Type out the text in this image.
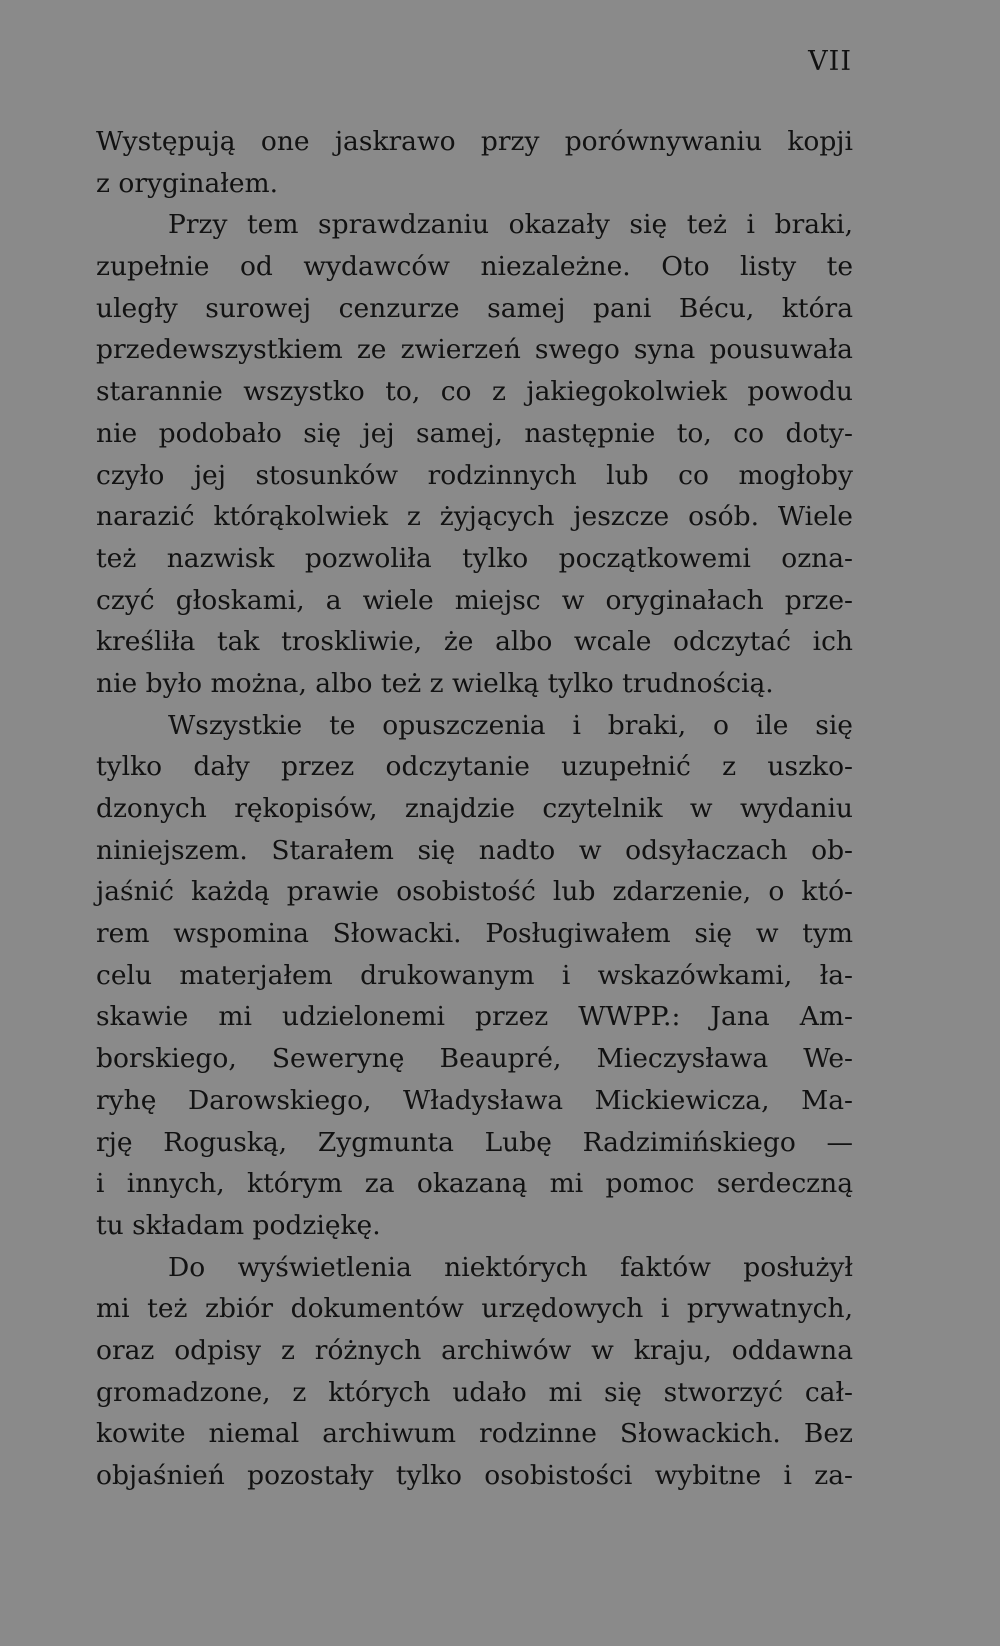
VII
Występują one jaskrawo przy porównywaniu kopji
z oryginałem.
Przy tem sprawdzaniu okazały się też i braki,
zupełnie od wydawców niezależne. Oto listy te
uległy surowej cenzurze samej pani Bécu, która
przedewszystkiem ze zwierzeń swego syna pousuwała
starannie wszystko to, co z jakiegokolwiek powodu
nie podobało się jej samej, następnie to, co doty-
czyło jej stosunków rodzinnych lub co mogłoby
narazić którąkolwiek z żyjących jeszcze osób. Wiele
też nazwisk pozwoliła tylko początkowemi ozna-
czyć głoskami, a wiele miejsc w oryginałach prze-
kreśliła tak troskliwie, że albo wcale odczytać ich
nie było można, albo też z wielką tylko trudnością.
Wszystkie te opuszczenia i braki, o ile się
tylko dały przez odczytanie uzupełnić z uszko-
dzonych rękopisów, znajdzie czytelnik w wydaniu
niniejszem. Starałem się nadto w odsyłaczach ob-
jaśnić każdą prawie osobistość lub zdarzenie, o któ-
rem wspomina Słowacki. Posługiwałem się w tym
celu materjałem drukowanym i wskazówkami, ła-
skawie mi udzielonemi przez WWPP.: Jana Am-
borskiego, Sewerynę Beaupré, Mieczysława We-
ryhę Darowskiego, Władysława Mickiewicza, Ma-
rję Roguską, Zygmunta Lubę Radzimińskiego —
i innych, którym za okazaną mi pomoc serdeczną
tu składam podziękę.
Do wyświetlenia niektórych faktów posłużył
mi też zbiór dokumentów urzędowych i prywatnych,
oraz odpisy z różnych archiwów w kraju, oddawna
gromadzone, z których udało mi się stworzyć cał-
kowite niemal archiwum rodzinne Słowackich. Bez
objaśnień pozostały tylko osobistości wybitne i za-
